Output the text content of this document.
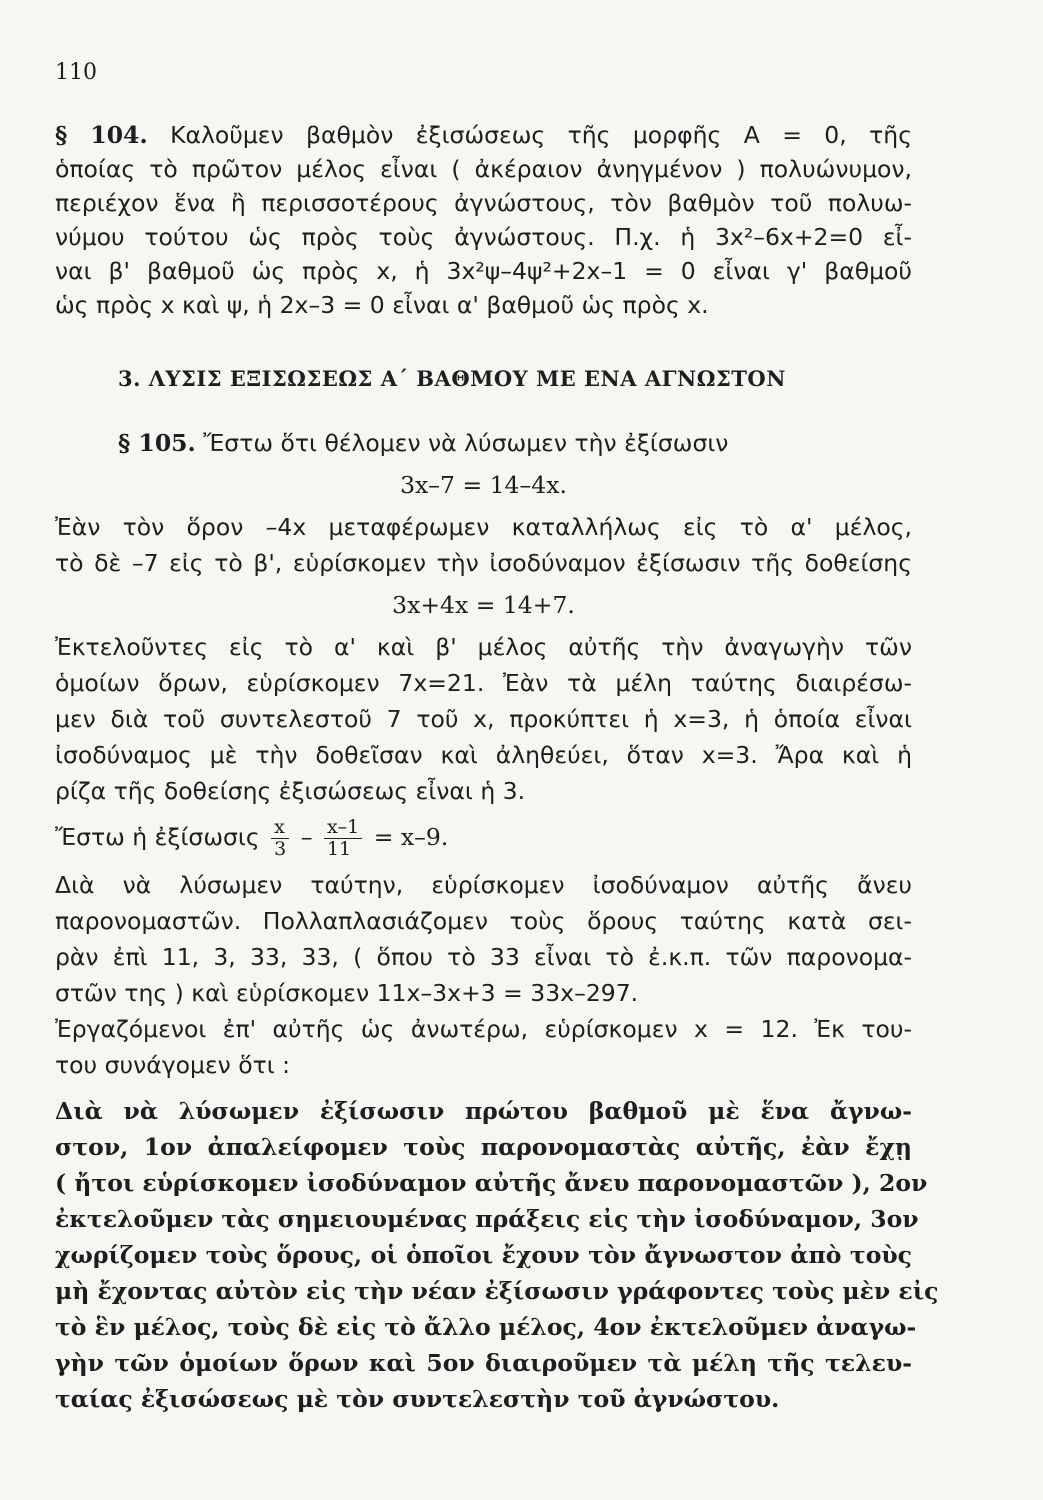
110
§ 104. Καλοῦμεν βαθμὸν ἐξισώσεως τῆς μορφῆς Α = 0, τῆς
ὁποίας τὸ πρῶτον μέλος εἶναι ( ἀκέραιον ἀνηγμένον ) πολυώνυμον,
περιέχον ἕνα ἢ περισσοτέρους ἀγνώστους, τὸν βαθμὸν τοῦ πολυω-
νύμου τούτου ὡς πρὸς τοὺς ἀγνώστους. Π.χ. ἡ 3x²–6x+2=0 εἶ-
ναι β' βαθμοῦ ὡς πρὸς x, ἡ 3x²ψ–4ψ²+2x–1 = 0 εἶναι γ' βαθμοῦ
ὡς πρὸς x καὶ ψ, ἡ 2x–3 = 0 εἶναι α' βαθμοῦ ὡς πρὸς x.
3. ΛΥΣΙΣ ΕΞΙΣΩΣΕΩΣ Α΄ ΒΑΘΜΟΥ ΜΕ ΕΝΑ ΑΓΝΩΣΤΟΝ
§ 105. Ἔστω ὅτι θέλομεν νὰ λύσωμεν τὴν ἐξίσωσιν
3x–7 = 14–4x.
Ἐὰν τὸν ὅρον –4x μεταφέρωμεν καταλλήλως εἰς τὸ α' μέλος,
τὸ δὲ –7 εἰς τὸ β', εὑρίσκομεν τὴν ἰσοδύναμον ἐξίσωσιν τῆς δοθείσης
3x+4x = 14+7.
Ἐκτελοῦντες εἰς τὸ α' καὶ β' μέλος αὐτῆς τὴν ἀναγωγὴν τῶν
ὁμοίων ὅρων, εὑρίσκομεν 7x=21. Ἐὰν τὰ μέλη ταύτης διαιρέσω-
μεν διὰ τοῦ συντελεστοῦ 7 τοῦ x, προκύπτει ἡ x=3, ἡ ὁποία εἶναι
ἰσοδύναμος μὲ τὴν δοθεῖσαν καὶ ἀληθεύει, ὅταν x=3. Ἄρα καὶ ἡ
ρίζα τῆς δοθείσης ἐξισώσεως εἶναι ἡ 3.
Ἔστω ἡ ἐξίσωσις $\frac{x}{3} - \frac{x-1}{11} = x-9$.
Διὰ νὰ λύσωμεν ταύτην, εὑρίσκομεν ἰσοδύναμον αὐτῆς ἄνευ
παρονομαστῶν. Πολλαπλασιάζομεν τοὺς ὅρους ταύτης κατὰ σει-
ρὰν ἐπὶ 11, 3, 33, 33, ( ὅπου τὸ 33 εἶναι τὸ ἐ.κ.π. τῶν παρονομα-
στῶν της ) καὶ εὑρίσκομεν 11x–3x+3 = 33x–297.
Ἐργαζόμενοι ἐπ' αὐτῆς ὡς ἀνωτέρω, εὑρίσκομεν x = 12. Ἐκ του-
του συνάγομεν ὅτι :
Διὰ νὰ λύσωμεν ἐξίσωσιν πρώτου βαθμοῦ μὲ ἕνα ἄγνω-
στον, 1ον ἀπαλείφομεν τοὺς παρονομαστὰς αὐτῆς, ἐὰν ἔχῃ
( ἤτοι εὑρίσκομεν ἰσοδύναμον αὐτῆς ἄνευ παρονομαστῶν ), 2ον
ἐκτελοῦμεν τὰς σημειουμένας πράξεις εἰς τὴν ἰσοδύναμον, 3ον
χωρίζομεν τοὺς ὅρους, οἱ ὁποῖοι ἔχουν τὸν ἄγνωστον ἀπὸ τοὺς
μὴ ἔχοντας αὐτὸν εἰς τὴν νέαν ἐξίσωσιν γράφοντες τοὺς μὲν εἰς
τὸ ἓν μέλος, τοὺς δὲ εἰς τὸ ἄλλο μέλος, 4ον ἐκτελοῦμεν ἀναγω-
γὴν τῶν ὁμοίων ὅρων καὶ 5ον διαιροῦμεν τὰ μέλη τῆς τελευ-
ταίας ἐξισώσεως μὲ τὸν συντελεστὴν τοῦ ἀγνώστου.
